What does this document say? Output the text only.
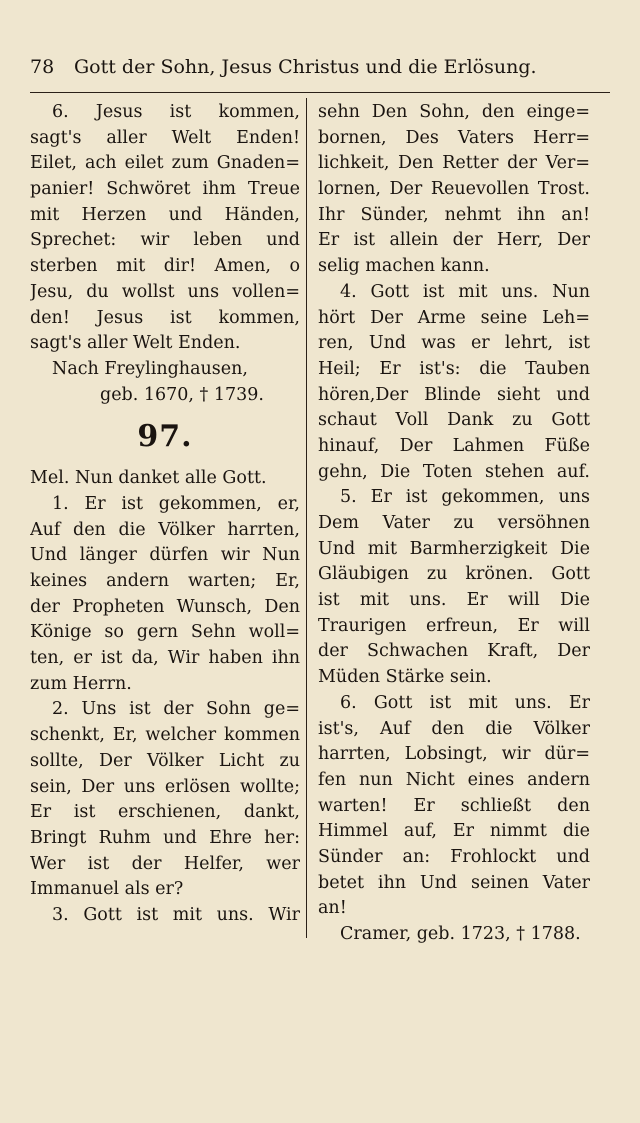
78 Gott der Sohn, Jesus Christus und die Erlösung.
6. Jesus ist kommen,
sagt's aller Welt Enden!
Eilet, ach eilet zum Gnaden=
panier! Schwöret ihm Treue
mit Herzen und Händen,
Sprechet: wir leben und
sterben mit dir! Amen, o
Jesu, du wollst uns vollen=
den! Jesus ist kommen,
sagt's aller Welt Enden.
Nach Freylinghausen,
geb. 1670, † 1739.
97.
Mel. Nun danket alle Gott.
1. Er ist gekommen, er,
Auf den die Völker harrten,
Und länger dürfen wir Nun
keines andern warten; Er,
der Propheten Wunsch, Den
Könige so gern Sehn woll=
ten, er ist da, Wir haben ihn
zum Herrn.
2. Uns ist der Sohn ge=
schenkt, Er, welcher kommen
sollte, Der Völker Licht zu
sein, Der uns erlösen wollte;
Er ist erschienen, dankt,
Bringt Ruhm und Ehre her:
Wer ist der Helfer, wer
Immanuel als er?
3. Gott ist mit uns. Wir
sehn Den Sohn, den einge=
bornen, Des Vaters Herr=
lichkeit, Den Retter der Ver=
lornen, Der Reuevollen Trost.
Ihr Sünder, nehmt ihn an!
Er ist allein der Herr, Der
selig machen kann.
4. Gott ist mit uns. Nun
hört Der Arme seine Leh=
ren, Und was er lehrt, ist
Heil; Er ist's: die Tauben
hören,Der Blinde sieht und
schaut Voll Dank zu Gott
hinauf, Der Lahmen Füße
gehn, Die Toten stehen auf.
5. Er ist gekommen, uns
Dem Vater zu versöhnen
Und mit Barmherzigkeit Die
Gläubigen zu krönen. Gott
ist mit uns. Er will Die
Traurigen erfreun, Er will
der Schwachen Kraft, Der
Müden Stärke sein.
6. Gott ist mit uns. Er
ist's, Auf den die Völker
harrten, Lobsingt, wir dür=
fen nun Nicht eines andern
warten! Er schließt den
Himmel auf, Er nimmt die
Sünder an: Frohlockt und
betet ihn Und seinen Vater
an!
Cramer, geb. 1723, † 1788.
